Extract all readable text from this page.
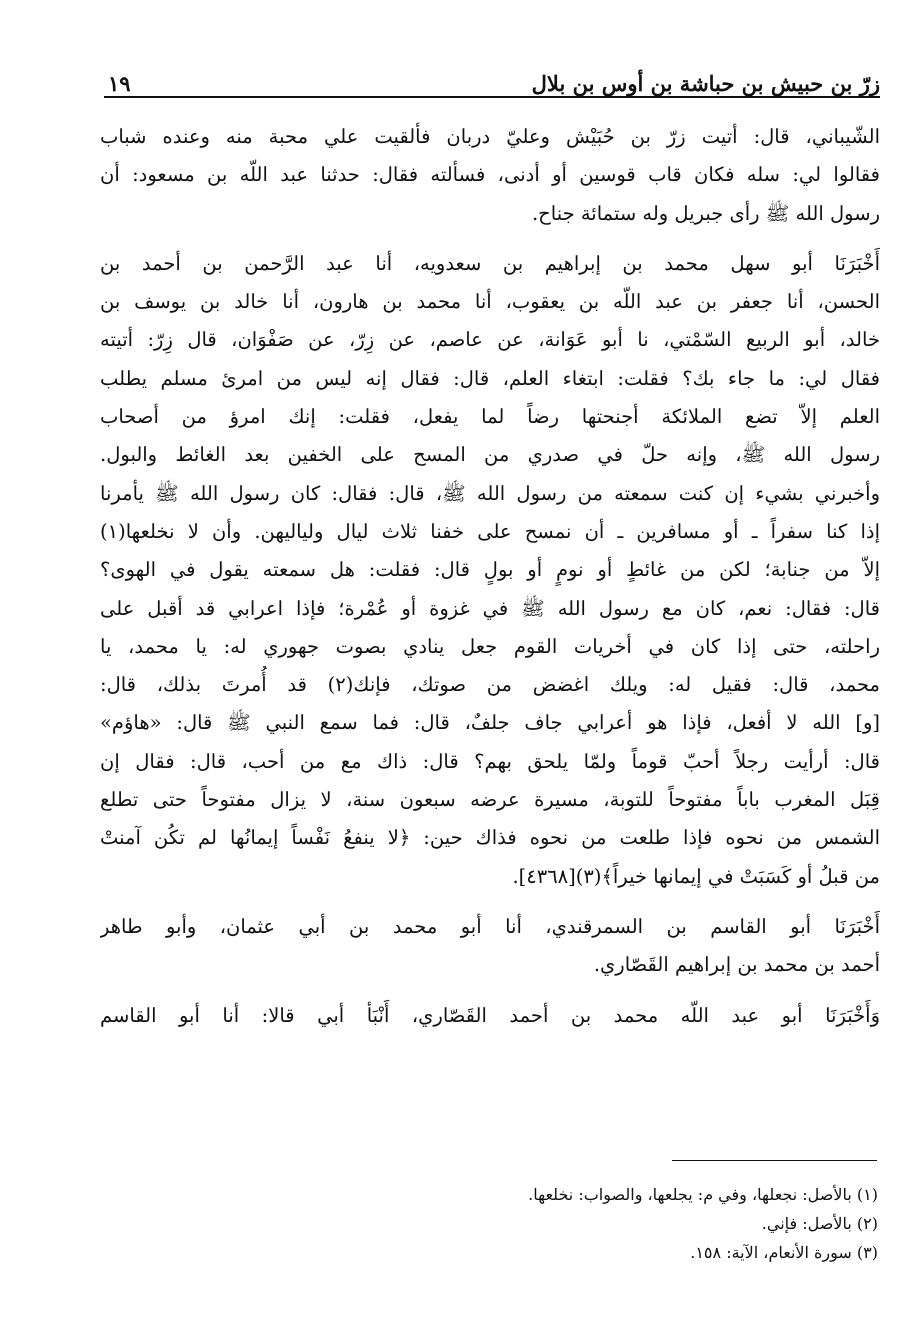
زرّ بن حبيش بن حباشة بن أوس بن بلال
١٩
الشّيباني، قال: أتيت زرّ بن حُبَيْش وعليّ دربان فألقيت علي محبة منه وعنده شباب
فقالوا لي: سله فكان قاب قوسين أو أدنى، فسألته فقال: حدثنا عبد اللّه بن مسعود: أن
رسول الله ﷺ رأى جبريل وله ستمائة جناح.
أَخْبَرَنَا أبو سهل محمد بن إبراهيم بن سعدويه، أنا عبد الرَّحمن بن أحمد بن
الحسن، أنا جعفر بن عبد اللّه بن يعقوب، أنا محمد بن هارون، أنا خالد بن يوسف بن
خالد، أبو الربيع السّمْتي، نا أبو عَوَانة، عن عاصم، عن زِرّ، عن صَفْوَان، قال زِرّ: أتيته
فقال لي: ما جاء بك؟ فقلت: ابتغاء العلم، قال: فقال إنه ليس من امرئ مسلم يطلب
العلم إلاّ تضع الملائكة أجنحتها رضاً لما يفعل، فقلت: إنك امرؤ من أصحاب
رسول الله ﷺ، وإنه حلّ في صدري من المسح على الخفين بعد الغائط والبول.
وأخبرني بشيء إن كنت سمعته من رسول الله ﷺ، قال: فقال: كان رسول الله ﷺ يأمرنا
إذا كنا سفراً ـ أو مسافرين ـ أن نمسح على خفنا ثلاث ليال ولياليهن. وأن لا نخلعها(١)
إلاّ من جنابة؛ لكن من غائطٍ أو نومٍ أو بولٍ قال: فقلت: هل سمعته يقول في الهوى؟
قال: فقال: نعم، كان مع رسول الله ﷺ في غزوة أو عُمْرة؛ فإذا اعرابي قد أقبل على
راحلته، حتى إذا كان في أخريات القوم جعل ينادي بصوت جهوري له: يا محمد، يا
محمد، قال: فقيل له: ويلك اغضض من صوتك، فإنك(٢) قد أُمرتَ بذلك، قال:
[و] الله لا أفعل، فإذا هو أعرابي جاف جلفٌ، قال: فما سمع النبي ﷺ قال: «هاؤم»
قال: أرأيت رجلاً أحبّ قوماً ولمّا يلحق بهم؟ قال: ذاك مع من أحب، قال: فقال إن
قِبَل المغرب باباً مفتوحاً للتوبة، مسيرة عرضه سبعون سنة، لا يزال مفتوحاً حتى تطلع
الشمس من نحوه فإذا طلعت من نحوه فذاك حين: ﴿لا ينفعُ نَفْساً إيمانُها لم تكُن آمنتْ
من قبلُ أو كَسَبَتْ في إيمانها خيراً﴾(٣)[٤٣٦٨].
أَخْبَرَنَا أبو القاسم بن السمرقندي، أنا أبو محمد بن أبي عثمان، وأبو طاهر
أحمد بن محمد بن إبراهيم القَصّاري.
وَأَخْبَرَنَا أبو عبد اللّه محمد بن أحمد القَصّاري، أَنْبَأ أبي قالا: أنا أبو القاسم
(١) بالأصل: نجعلها، وفي م: يجلعها، والصواب: نخلعها.
(٢) بالأصل: فإني.
(٣) سورة الأنعام، الآية: ١٥٨.
